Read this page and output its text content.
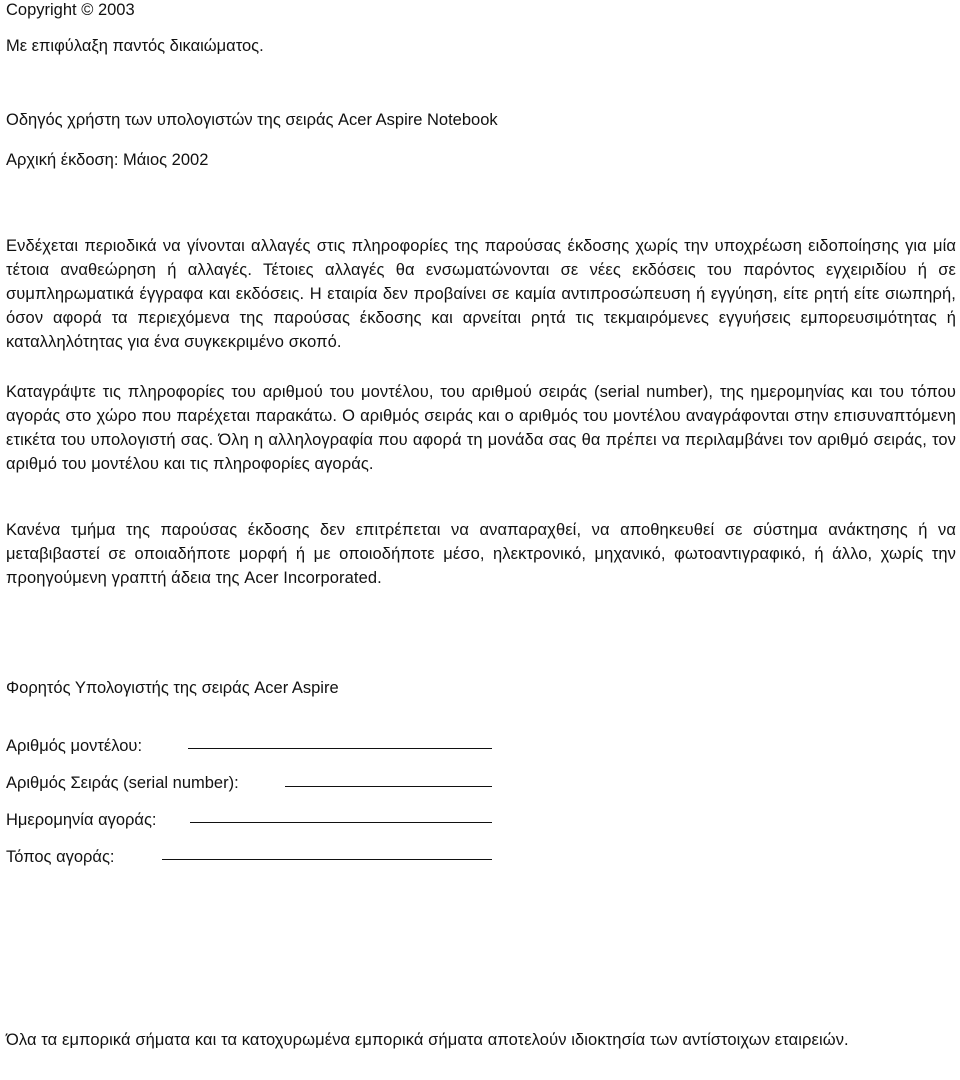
Copyright © 2003

Με επιφύλαξη παντός δικαιώματος.

Οδηγός χρήστη των υπολογιστών της σειράς Acer Aspire Notebook

Αρχική έκδοση: Μάιος 2002

Ενδέχεται περιοδικά να γίνονται αλλαγές στις πληροφορίες της παρούσας έκδοσης χωρίς την υποχρέωση ειδοποίησης για μία τέτοια αναθεώρηση ή αλλαγές. Τέτοιες αλλαγές θα ενσωματώνονται σε νέες εκδόσεις του παρόντος εγχειριδίου ή σε συμπληρωματικά έγγραφα και εκδόσεις. Η εταιρία δεν προβαίνει σε καμία αντιπροσώπευση ή εγγύηση, είτε ρητή είτε σιωπηρή, όσον αφορά τα περιεχόμενα της παρούσας έκδοσης και αρνείται ρητά τις τεκμαιρόμενες εγγυήσεις εμπορευσιμότητας ή καταλληλότητας για ένα συγκεκριμένο σκοπό.

Καταγράψτε τις πληροφορίες του αριθμού του μοντέλου, του αριθμού σειράς (serial number), της ημερομηνίας και του τόπου αγοράς στο χώρο που παρέχεται παρακάτω. Ο αριθμός σειράς και ο αριθμός του μοντέλου αναγράφονται στην επισυναπτόμενη ετικέτα του υπολογιστή σας. Όλη η αλληλογραφία που αφορά τη μονάδα σας θα πρέπει να περιλαμβάνει τον αριθμό σειράς, τον αριθμό του μοντέλου και τις πληροφορίες αγοράς.

Κανένα τμήμα της παρούσας έκδοσης δεν επιτρέπεται να αναπαραχθεί, να αποθηκευθεί σε σύστημα ανάκτησης ή να μεταβιβαστεί σε οποιαδήποτε μορφή ή με οποιοδήποτε μέσο, ηλεκτρονικό, μηχανικό, φωτοαντιγραφικό, ή άλλο, χωρίς την προηγούμενη γραπτή άδεια της Acer Incorporated.

Φορητός Υπολογιστής της σειράς Acer Aspire

Αριθμός μοντέλου:
Αριθμός Σειράς (serial number):
Ημερομηνία αγοράς:
Τόπος αγοράς:

Όλα τα εμπορικά σήματα και τα κατοχυρωμένα εμπορικά σήματα αποτελούν ιδιοκτησία των αντίστοιχων εταιρειών.
